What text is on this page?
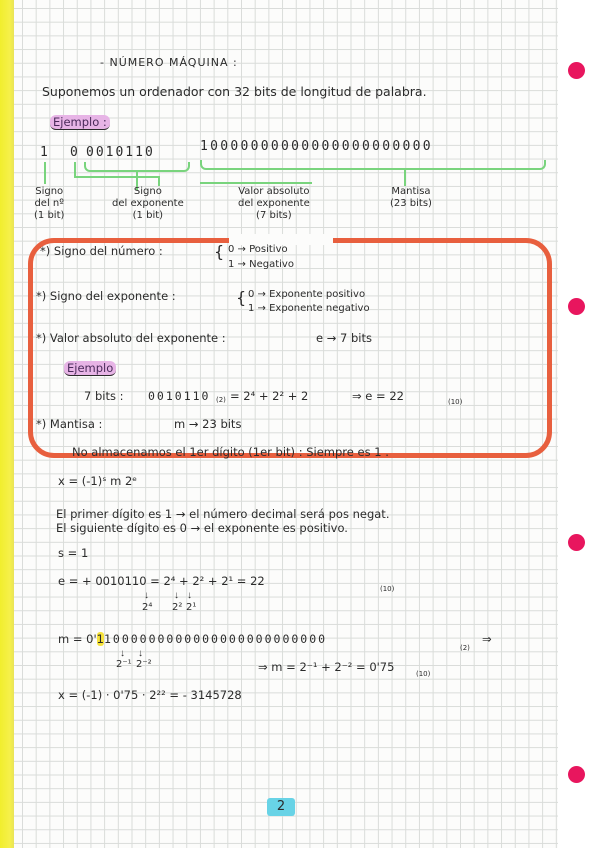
- NÚMERO MÁQUINA :
Suponemos un ordenador con 32 bits de longitud de palabra.
Ejemplo :
1 0 0010110	10000000000000000000000
Signo
del nº
(1 bit)
Signo
del exponente
(1 bit)
Valor absoluto
del exponente
(7 bits)
Mantisa
(23 bits)
*) Signo del número :	{ 0 → Positivo
1 → Negativo
*) Signo del exponente :	{ 0 → Exponente positivo
1 → Exponente negativo
*) Valor absoluto del exponente :	e → 7 bits
Ejemplo
7 bits : 0010110 (2) = 2⁴ + 2² + 2	⇒ e = 22	(10)
*) Mantisa :	m → 23 bits
No almacenamos el 1er dígito (1er bit) : Siempre es 1 .
x = (-1)ˢ m 2ᵉ
El primer dígito es 1 → el número decimal será pos negat.
El siguiente dígito es 0 → el exponente es positivo.
s = 1
e = + 0010110 = 2⁴ + 2² + 2¹ = 22
(10)
↓	↓ ↓
2⁴ 2² 2¹
m = 0'11000000000000000000000000
(2)
⇒
↓ ↓
2⁻¹ 2⁻²	⇒ m = 2⁻¹ + 2⁻² = 0'75	(10)
x = (-1) · 0'75 · 2²² = - 3145728
2
